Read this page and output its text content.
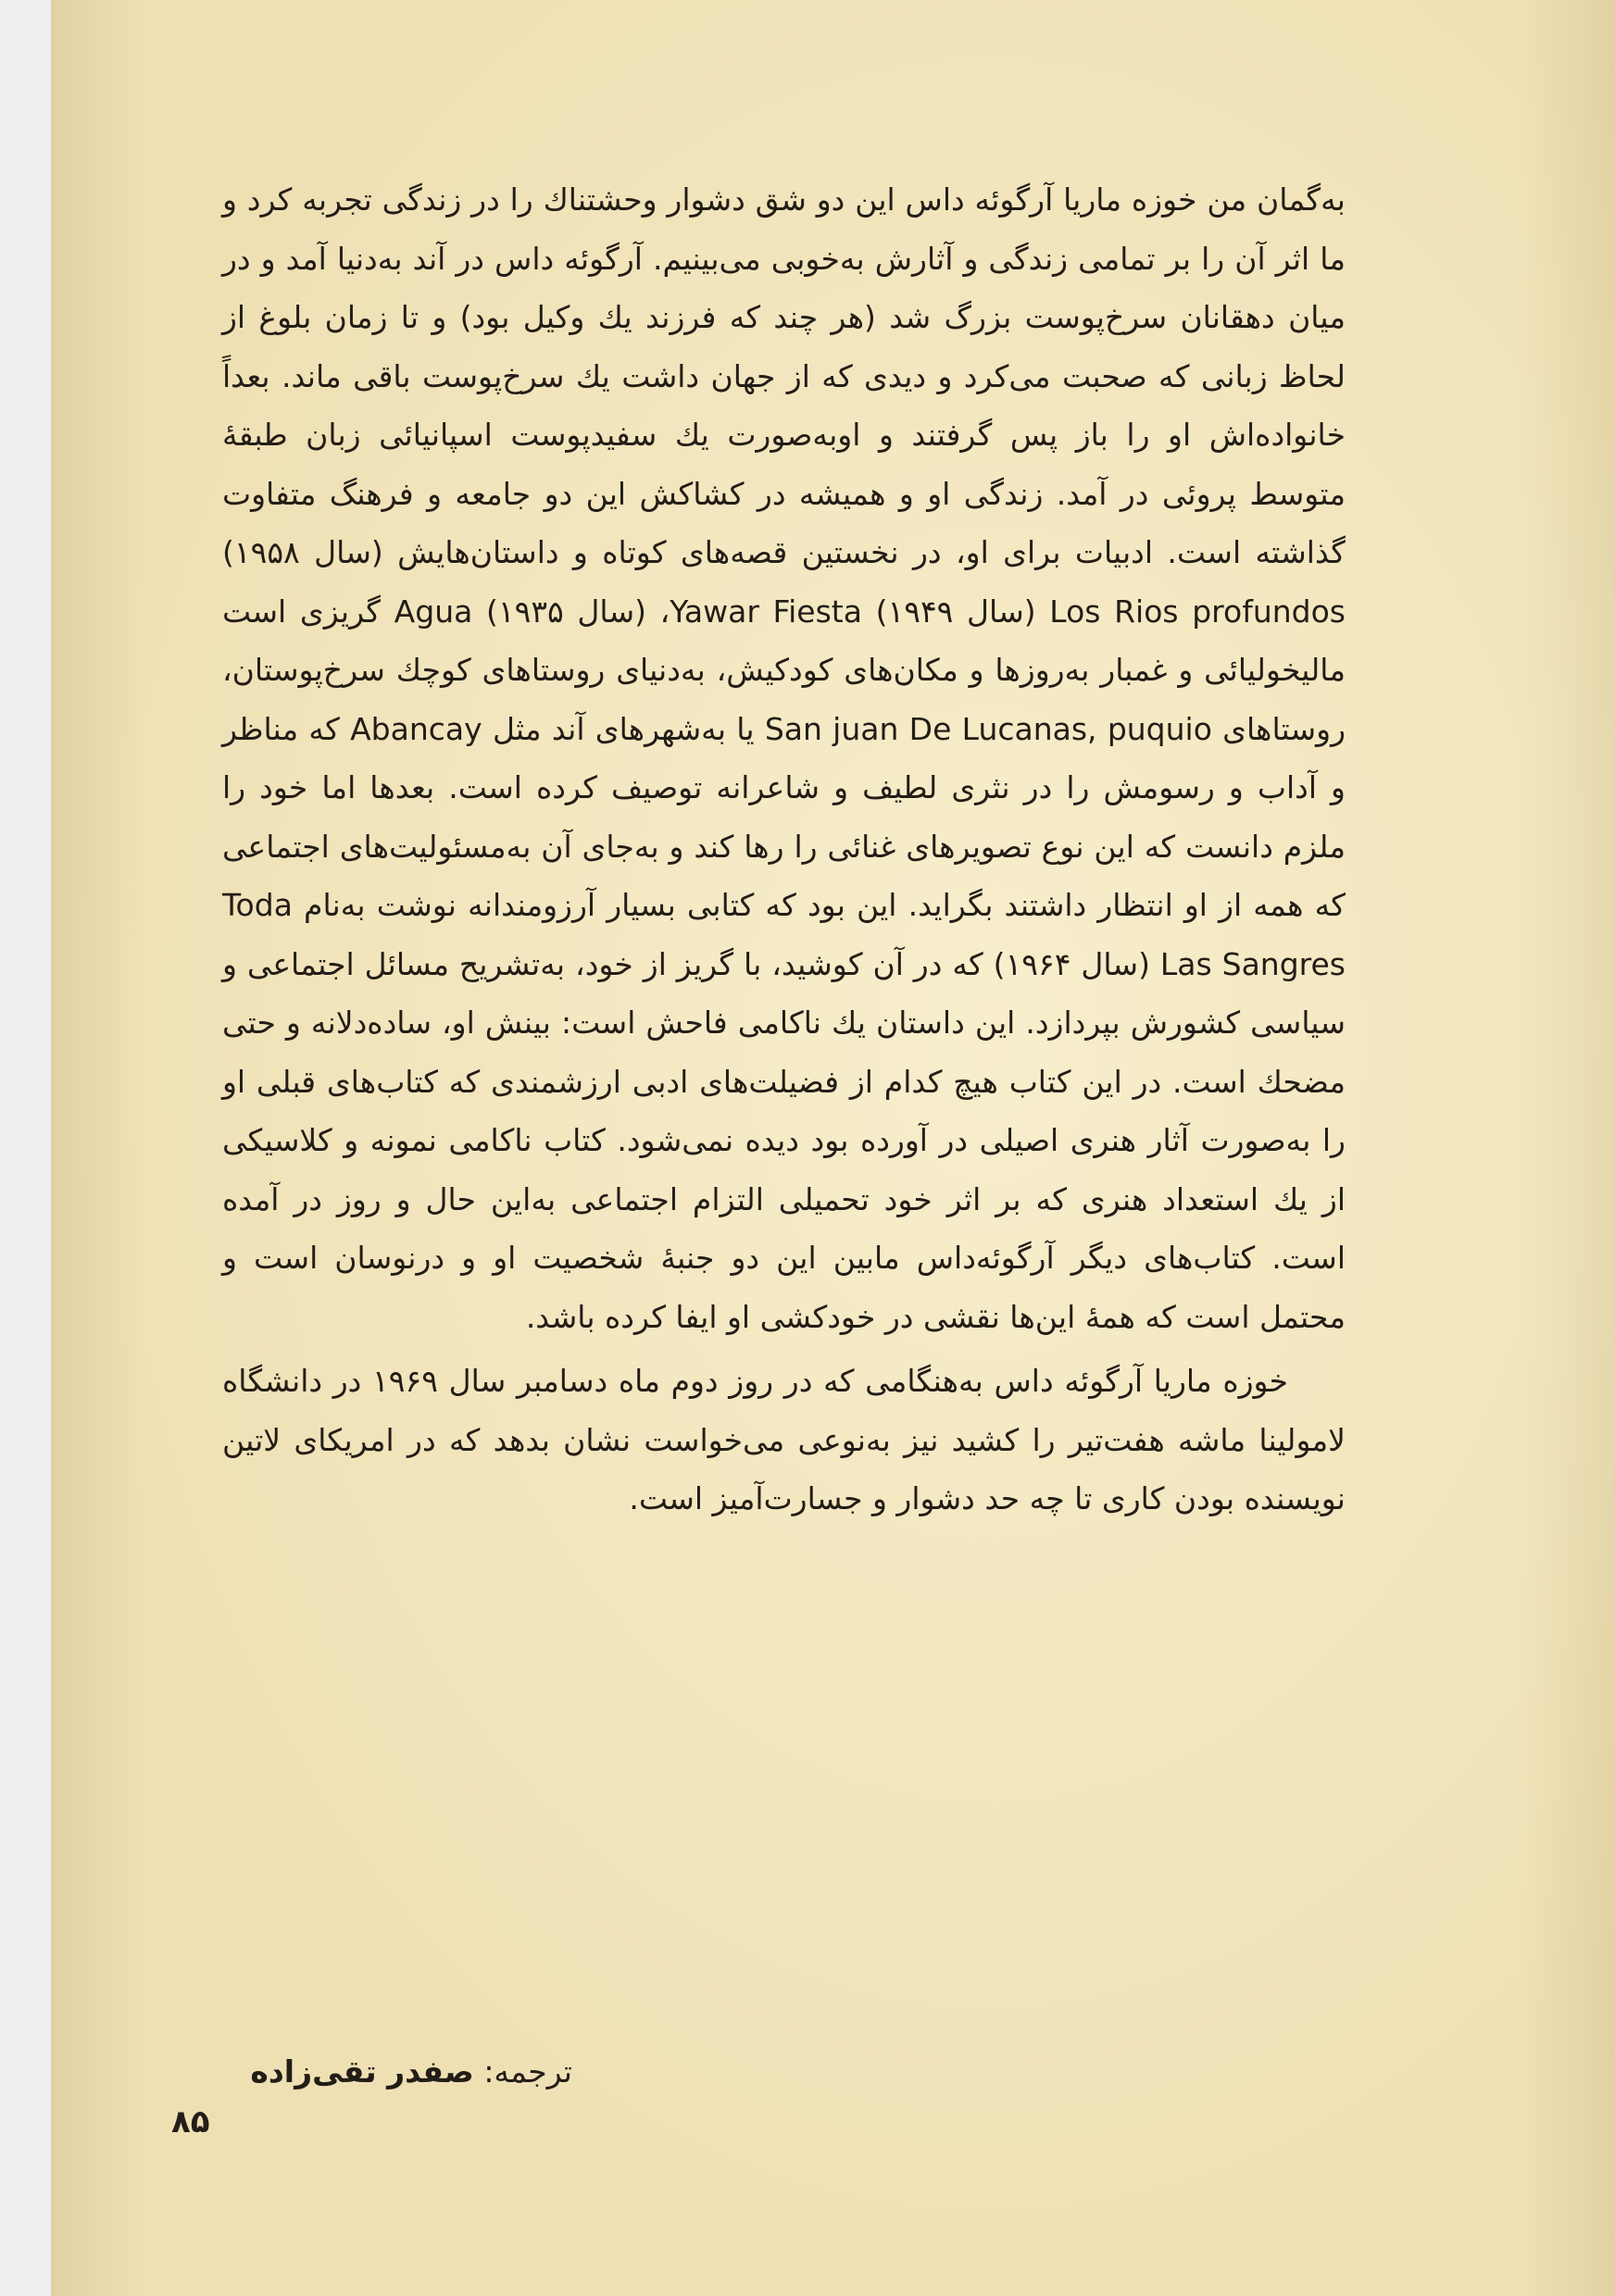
به‌گمان من خوزه ماریا آرگوئه داس این دو شق دشوار وحشتناك را در زندگی تجربه کرد و ما اثر آن را بر تمامی زندگی و آثارش به‌خوبی می‌بینیم. آرگوئه داس در آند به‌دنیا آمد و در میان دهقانان سرخ‌پوست بزرگ شد (هر چند که فرزند یك وکیل بود) و تا زمان بلوغ از لحاظ زبانی که صحبت می‌کرد و دیدی که از جهان داشت یك سرخ‌پوست باقی ماند. بعداً خانواده‌اش او را باز پس گرفتند و اوبه‌صورت یك سفیدپوست اسپانیائی زبان طبقهٔ متوسط پروئی در آمد. زندگی او و همیشه در کشاکش این دو جامعه و فرهنگ متفاوت گذاشته است. ادبیات برای او، در نخستین قصه‌های کوتاه و داستان‌هایش (سال ۱۹۵۸) Los Rios profundos (سال ۱۹۴۹) Yawar Fiesta، (سال ۱۹۳۵) Agua گریزی است مالیخولیائی و غمبار به‌روزها و مکان‌های کودکیش، به‌دنیای روستاهای کوچك سرخ‌پوستان، روستاهای San juan De Lucanas, puquio یا به‌شهرهای آند مثل Abancay که مناظر و آداب و رسومش را در نثری لطیف و شاعرانه توصیف کرده است. بعدها اما خود را ملزم دانست که این نوع تصویرهای غنائی را رها کند و به‌جای آن به‌مسئولیت‌های اجتماعی که همه از او انتظار داشتند بگراید. این بود که کتابی بسیار آرزومندانه نوشت به‌نام Toda Las Sangres (سال ۱۹۶۴) که در آن کوشید، با گریز از خود، به‌تشریح مسائل اجتماعی و سیاسی کشورش بپردازد. این داستان یك ناکامی فاحش است: بینش او، ساده‌دلانه و حتی مضحك است. در این کتاب هیچ کدام از فضیلت‌های ادبی ارزشمندی که کتاب‌های قبلی او را به‌صورت آثار هنری اصیلی در آورده بود دیده نمی‌شود. کتاب ناکامی نمونه و کلاسیکی از یك استعداد هنری که بر اثر خود تحمیلی التزام اجتماعی به‌این حال و روز در آمده است. کتاب‌های دیگر آرگوئه‌داس مابین این دو جنبهٔ شخصیت او و درنوسان است و محتمل است که همهٔ این‌ها نقشی در خودکشی او ایفا کرده باشد.

خوزه ماریا آرگوئه داس به‌هنگامی که در روز دوم ماه دسامبر سال ۱۹۶۹ در دانشگاه لامولینا ماشه هفت‌تیر را کشید نیز به‌نوعی می‌خواست نشان بدهد که در امریکای لاتین نویسنده بودن کاری تا چه حد دشوار و جسارت‌آمیز است.

ترجمه: صفدر تقی‌زاده
۸۵
